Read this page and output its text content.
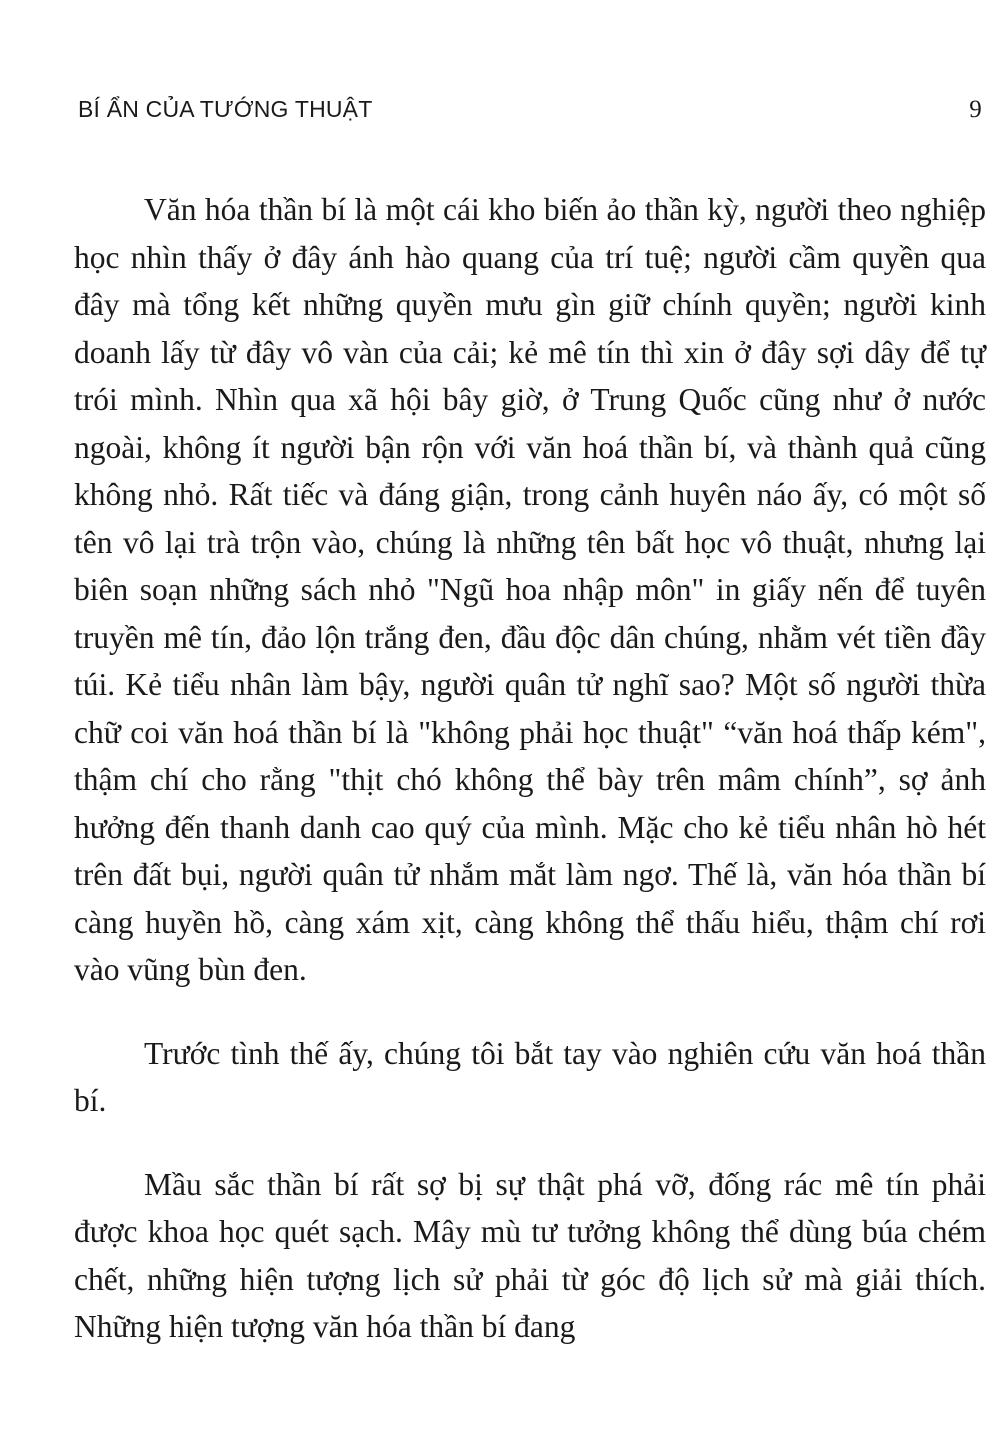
BÍ ẨN CỦA TƯỚNG THUẬT	9

Văn hóa thần bí là một cái kho biến ảo thần kỳ, người theo nghiệp học nhìn thấy ở đây ánh hào quang của trí tuệ; người cầm quyền qua đây mà tổng kết những quyền mưu gìn giữ chính quyền; người kinh doanh lấy từ đây vô vàn của cải; kẻ mê tín thì xin ở đây sợi dây để tự trói mình. Nhìn qua xã hội bây giờ, ở Trung Quốc cũng như ở nước ngoài, không ít người bận rộn với văn hoá thần bí, và thành quả cũng không nhỏ. Rất tiếc và đáng giận, trong cảnh huyên náo ấy, có một số tên vô lại trà trộn vào, chúng là những tên bất học vô thuật, nhưng lại biên soạn những sách nhỏ "Ngũ hoa nhập môn" in giấy nến để tuyên truyền mê tín, đảo lộn trắng đen, đầu độc dân chúng, nhằm vét tiền đầy túi. Kẻ tiểu nhân làm bậy, người quân tử nghĩ sao? Một số người thừa chữ coi văn hoá thần bí là "không phải học thuật" “văn hoá thấp kém", thậm chí cho rằng "thịt chó không thể bày trên mâm chính”, sợ ảnh hưởng đến thanh danh cao quý của mình. Mặc cho kẻ tiểu nhân hò hét trên đất bụi, người quân tử nhắm mắt làm ngơ. Thế là, văn hóa thần bí càng huyền hồ, càng xám xịt, càng không thể thấu hiểu, thậm chí rơi vào vũng bùn đen.

Trước tình thế ấy, chúng tôi bắt tay vào nghiên cứu văn hoá thần bí.

Mầu sắc thần bí rất sợ bị sự thật phá vỡ, đống rác mê tín phải được khoa học quét sạch. Mây mù tư tưởng không thể dùng búa chém chết, những hiện tượng lịch sử phải từ góc độ lịch sử mà giải thích. Những hiện tượng văn hóa thần bí đang
